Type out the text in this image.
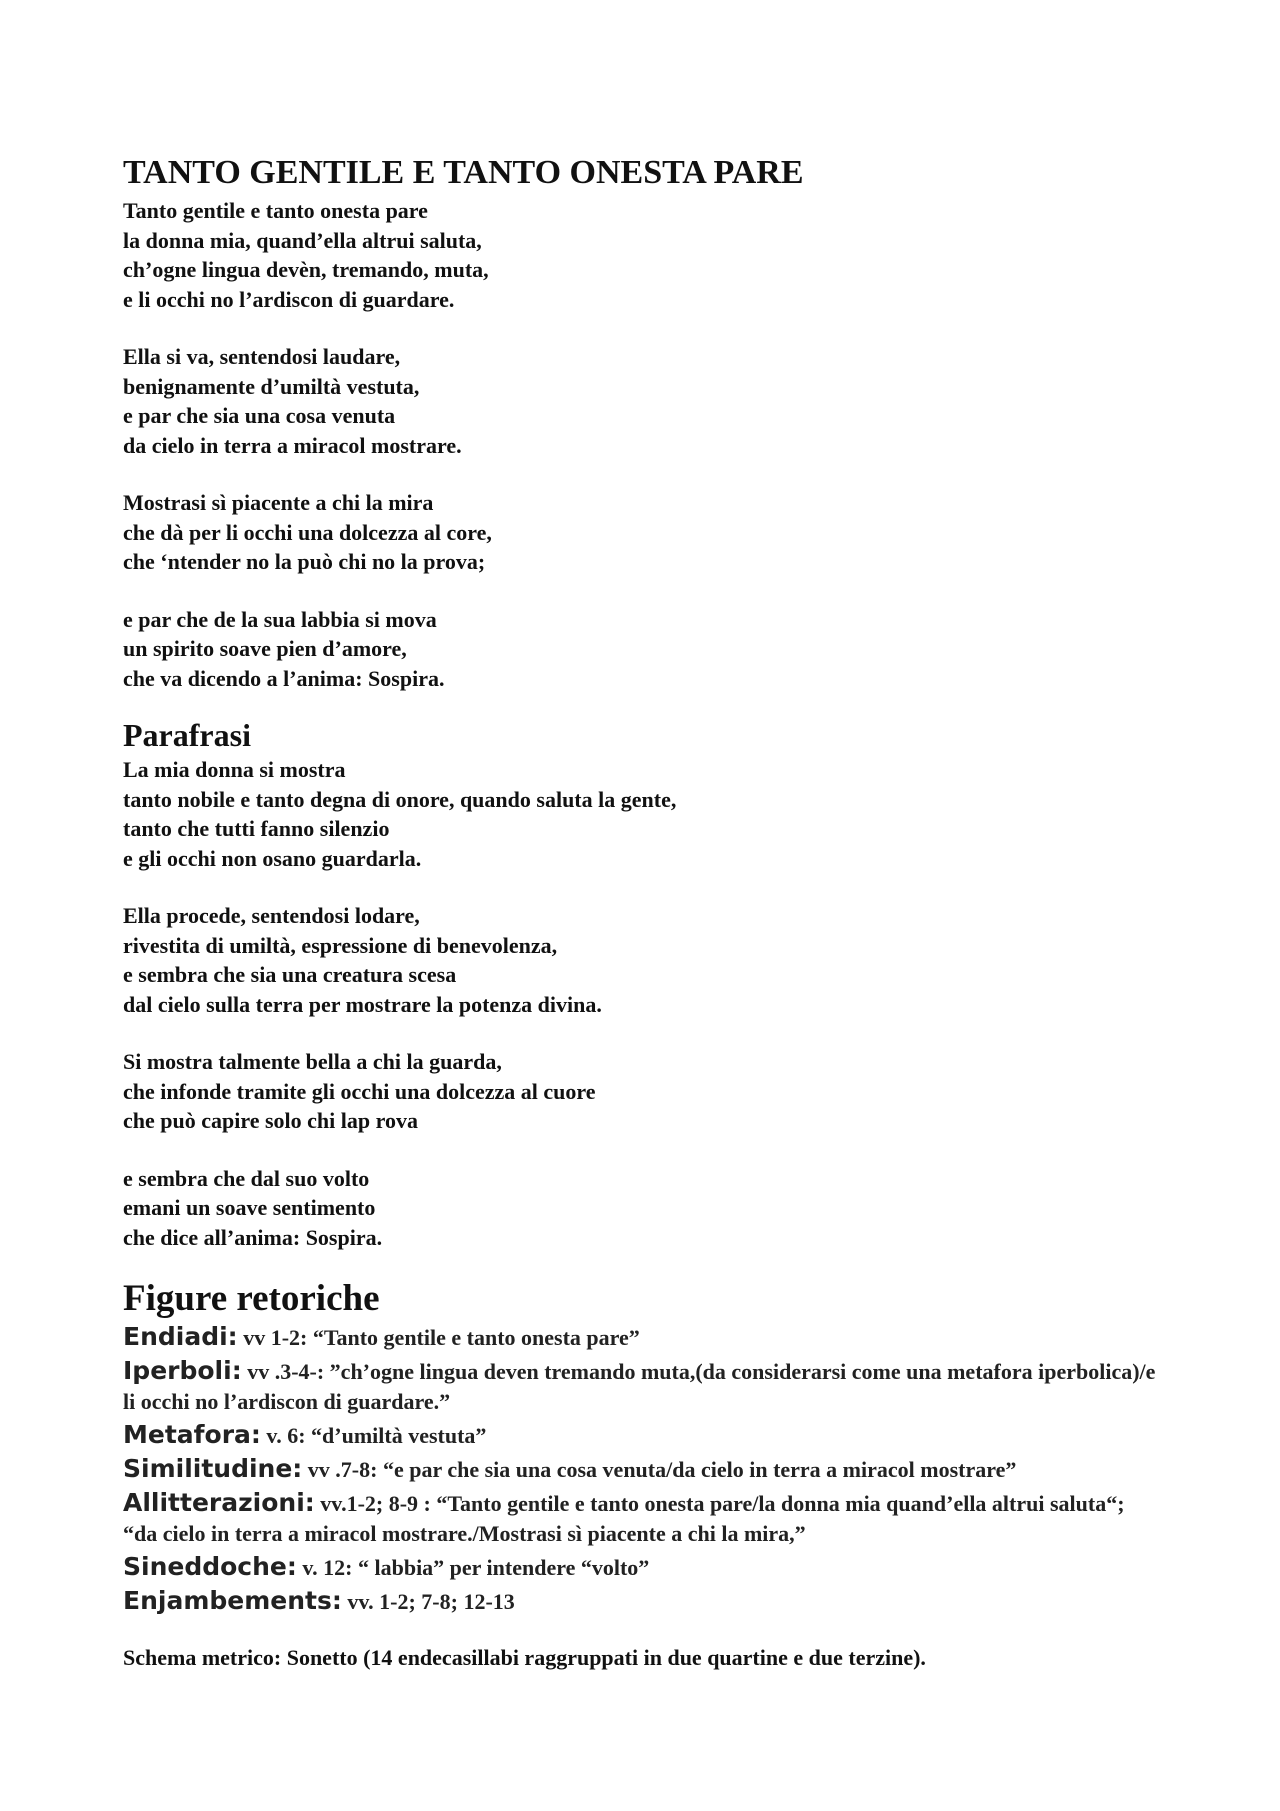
TANTO GENTILE E TANTO ONESTA PARE
Tanto gentile e tanto onesta pare
la donna mia, quand’ella altrui saluta,
ch’ogne lingua devèn, tremando, muta,
e li occhi no l’ardiscon di guardare.
Ella si va, sentendosi laudare,
benignamente d’umiltà vestuta,
e par che sia una cosa venuta
da cielo in terra a miracol mostrare.
Mostrasi sì piacente a chi la mira
che dà per li occhi una dolcezza al core,
che ‘ntender no la può chi no la prova;
e par che de la sua labbia si mova
un spirito soave pien d’amore,
che va dicendo a l’anima: Sospira.
Parafrasi
La mia donna si mostra
tanto nobile e tanto degna di onore, quando saluta la gente,
tanto che tutti fanno silenzio
e gli occhi non osano guardarla.
Ella procede, sentendosi lodare,
rivestita di umiltà, espressione di benevolenza,
e sembra che sia una creatura scesa
dal cielo sulla terra per mostrare la potenza divina.
Si mostra talmente bella a chi la guarda,
che infonde tramite gli occhi una dolcezza al cuore
che può capire solo chi lap rova
e sembra che dal suo volto
emani un soave sentimento
che dice all’anima: Sospira.
Figure retoriche
Endiadi: vv 1-2: “Tanto gentile e tanto onesta pare”
Iperboli: vv .3-4-: ”ch’ogne lingua deven tremando muta,(da considerarsi come una metafora iperbolica)/e li occhi no l’ardiscon di guardare.”
Metafora: v. 6: “d’umiltà vestuta”
Similitudine: vv .7-8: “e par che sia una cosa venuta/da cielo in terra a miracol mostrare”
Allitterazioni: vv.1-2; 8-9 : “Tanto gentile e tanto onesta pare/la donna mia quand’ella altrui saluta“; “da cielo in terra a miracol mostrare./Mostrasi sì piacente a chi la mira,”
Sineddoche: v. 12: “ labbia” per intendere “volto”
Enjambements: vv. 1-2; 7-8; 12-13
Schema metrico: Sonetto (14 endecasillabi raggruppati in due quartine e due terzine).
